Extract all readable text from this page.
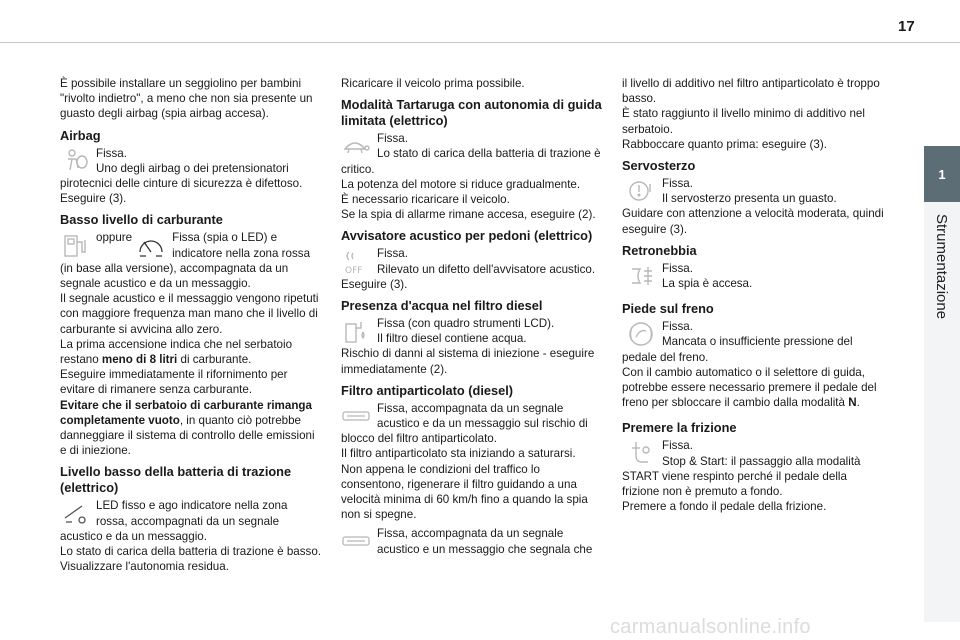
17
1
Strumentazione

È possibile installare un seggiolino per bambini "rivolto indietro", a meno che non sia presente un guasto degli airbag (spia airbag accesa).

Airbag

Fissa.

Uno degli airbag o dei pretensionatori pirotecnici delle cinture di sicurezza è difettoso.

Eseguire (3).

Basso livello di carburante
oppure	Fissa (spia o LED) e indicatore nella zona rossa (in base alla versione), accompagnata da un segnale acustico e da un messaggio.

Il segnale acustico e il messaggio vengono ripetuti con maggiore frequenza man mano che il livello di carburante si avvicina allo zero.

La prima accensione indica che nel serbatoio restano meno di 8 litri di carburante.

Eseguire immediatamente il rifornimento per evitare di rimanere senza carburante.

Evitare che il serbatoio di carburante rimanga completamente vuoto, in quanto ciò potrebbe danneggiare il sistema di controllo delle emissioni e di iniezione.

Livello basso della batteria di trazione (elettrico)

LED fisso e ago indicatore nella zona rossa, accompagnati da un segnale acustico e da un messaggio.

Lo stato di carica della batteria di trazione è basso.

Visualizzare l'autonomia residua.

Ricaricare il veicolo prima possibile.

Modalità Tartaruga con autonomia di guida limitata (elettrico)

Fissa.

Lo stato di carica della batteria di trazione è critico.

La potenza del motore si riduce gradualmente.

È necessario ricaricare il veicolo.

Se la spia di allarme rimane accesa, eseguire (2).

Avvisatore acustico per pedoni (elettrico)
OFF

Fissa.

Rilevato un difetto dell'avvisatore acustico.

Eseguire (3).

Presenza d'acqua nel filtro diesel

Fissa (con quadro strumenti LCD).

Il filtro diesel contiene acqua.

Rischio di danni al sistema di iniezione - eseguire immediatamente (2).

Filtro antiparticolato (diesel)

Fissa, accompagnata da un segnale acustico e da un messaggio sul rischio di blocco del filtro antiparticolato.

Il filtro antiparticolato sta iniziando a saturarsi.

Non appena le condizioni del traffico lo consentono, rigenerare il filtro guidando a una velocità minima di 60 km/h fino a quando la spia non si spegne.

Fissa, accompagnata da un segnale acustico e un messaggio che segnala che

il livello di additivo nel filtro antiparticolato è troppo basso.

È stato raggiunto il livello minimo di additivo nel serbatoio.

Rabboccare quanto prima: eseguire (3).

Servosterzo

Fissa.

Il servosterzo presenta un guasto.

Guidare con attenzione a velocità moderata, quindi eseguire (3).

Retronebbia

Fissa.

La spia è accesa.

Piede sul freno

Fissa.

Mancata o insufficiente pressione del pedale del freno.

Con il cambio automatico o il selettore di guida, potrebbe essere necessario premere il pedale del freno per sbloccare il cambio dalla modalità N.

Premere la frizione

Fissa.

Stop & Start: il passaggio alla modalità START viene respinto perché il pedale della frizione non è premuto a fondo.

Premere a fondo il pedale della frizione.

carmanualsonline.info
